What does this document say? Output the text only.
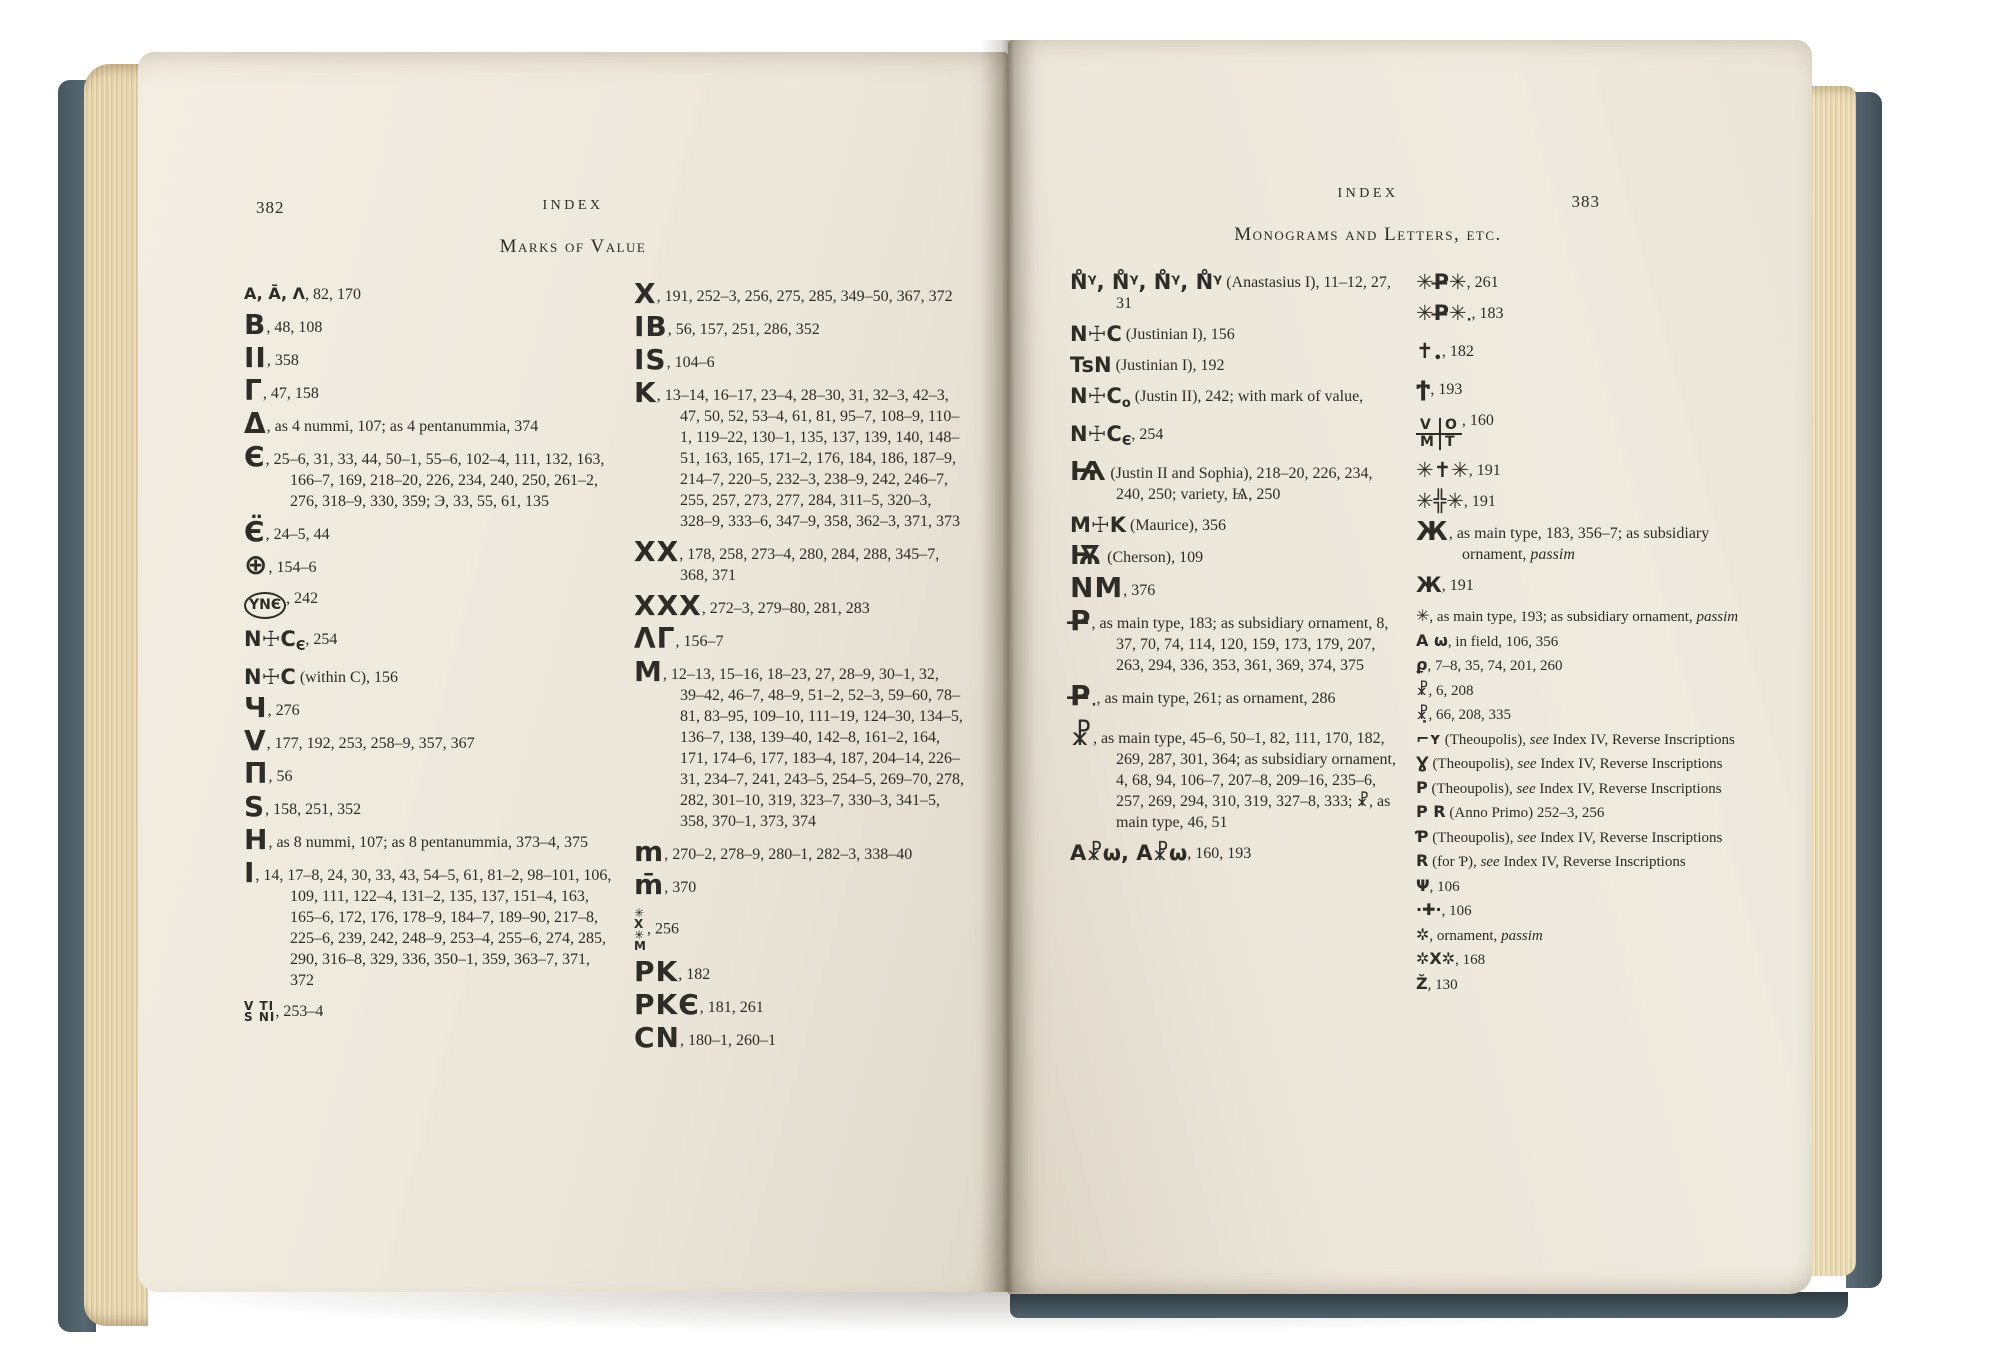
382	INDEX
Marks of Value
A, Ā, Λ, 82, 170
B, 48, 108
II, 358
Γ, 47, 158
Δ, as 4 nummi, 107; as 4 pentanummia, 374
Є, 25–6, 31, 33, 44, 50–1, 55–6, 102–4, 111, 132, 163, 166–7, 169, 218–20, 226, 234, 240, 250, 261–2, 276, 318–9, 330, 359; Э, 33, 55, 61, 135
Є̈, 24–5, 44
⊕, 154–6
ΥΝЄ , 242
$N☩C_Є$, 254
N☩C (within C), 156
Ч, 276
V, 177, 192, 253, 258–9, 357, 367
Π, 56
S, 158, 251, 352
H, as 8 nummi, 107; as 8 pentanummia, 373–4, 375
I, 14, 17–8, 24, 30, 33, 43, 54–5, 61, 81–2, 98–101, 106, 109, 111, 122–4, 131–2, 135, 137, 151–4, 163, 165–6, 172, 176, 178–9, 184–7, 189–90, 217–8, 225–6, 239, 242, 248–9, 253–4, 255–6, 274, 285, 290, 316–8, 329, 336, 350–1, 359, 363–7, 371, 372
V TI
S NI , 253–4
X, 191, 252–3, 256, 275, 285, 349–50, 367, 372
IB, 56, 157, 251, 286, 352
IS, 104–6
K, 13–14, 16–17, 23–4, 28–30, 31, 32–3, 42–3, 47, 50, 52, 53–4, 61, 81, 95–7, 108–9, 110–1, 119–22, 130–1, 135, 137, 139, 140, 148–51, 163, 165, 171–2, 176, 184, 186, 187–9, 214–7, 220–5, 232–3, 238–9, 242, 246–7, 255, 257, 273, 277, 284, 311–5, 320–3, 328–9, 333–6, 347–9, 358, 362–3, 371, 373
XX, 178, 258, 273–4, 280, 284, 288, 345–7, 368, 371
XXX, 272–3, 279–80, 281, 283
ΛΓ, 156–7
M, 12–13, 15–16, 18–23, 27, 28–9, 30–1, 32, 39–42, 46–7, 48–9, 51–2, 52–3, 59–60, 78–81, 83–95, 109–10, 111–19, 124–30, 134–5, 136–7, 138, 139–40, 142–8, 161–2, 164, 171, 174–6, 177, 183–4, 187, 204–14, 226–31, 234–7, 241, 243–5, 254–5, 269–70, 278, 282, 301–10, 319, 323–7, 330–3, 341–5, 358, 370–1, 373, 374
m, 270–2, 278–9, 280–1, 282–3, 338–40
m̄, 370
✳
X
✳
M
, 256
PK, 182
PKЄ, 181, 261
CN, 180–1, 260–1
383
INDEX
Monograms and Letters, etc.
N̊ᵞ, N̊ᵞ, N̊ᵞ, N̊ᵞ (Anastasius I), 11–12, 27, 31
N☩C (Justinian I), 156
TsN (Justinian I), 192
$N☩C_o$ (Justin II), 242; with mark of value,
$N☩C_Є$, 254
Ѩ (Justin II and Sophia), 218–20, 226, 234, 240, 250; variety, Ѩ, 250
M☩K (Maurice), 356
Ѭ (Cherson), 109
NM, 376
P̶, as main type, 183; as subsidiary ornament, 8, 37, 70, 74, 114, 120, 159, 173, 179, 207, 263, 294, 336, 353, 361, 369, 374, 375
$P̶_\cdot$, as main type, 261; as ornament, 286
☧, as main type, 45–6, 50–1, 82, 111, 170, 182, 269, 287, 301, 364; as subsidiary ornament, 4, 68, 94, 106–7, 207–8, 209–16, 235–6, 257, 269, 294, 310, 319, 327–8, 333; ☧, as main type, 46, 51
A☧ω, A☧ω, 160, 193
✳P̶✳, 261
$✳P̶✳_\cdot$, 183
$✝_•$, 182
Ϯ, 193
V O
M T
, 160
✳✝✳, 191
✳╬✳, 191
Ж, as main type, 183, 356–7; as subsidiary ornament, passim
Ж, 191
✳, as main type, 193; as subsidiary ornament, passim
A ω, in field, 106, 356
ϼ, 7–8, 35, 74, 201, 260
☧, 6, 208
☧̣, 66, 208, 335
⌐ʏ (Theoupolis), see Index IV, Reverse Inscriptions
Ɣ (Theoupolis), see Index IV, Reverse Inscriptions
P (Theoupolis), see Index IV, Reverse Inscriptions
P R (Anno Primo) 252–3, 256
Ƥ (Theoupolis), see Index IV, Reverse Inscriptions
R (for Ƥ), see Index IV, Reverse Inscriptions
Ψ, 106
·✚·, 106
✲, ornament, passim
✲X✲, 168
Ž, 130
